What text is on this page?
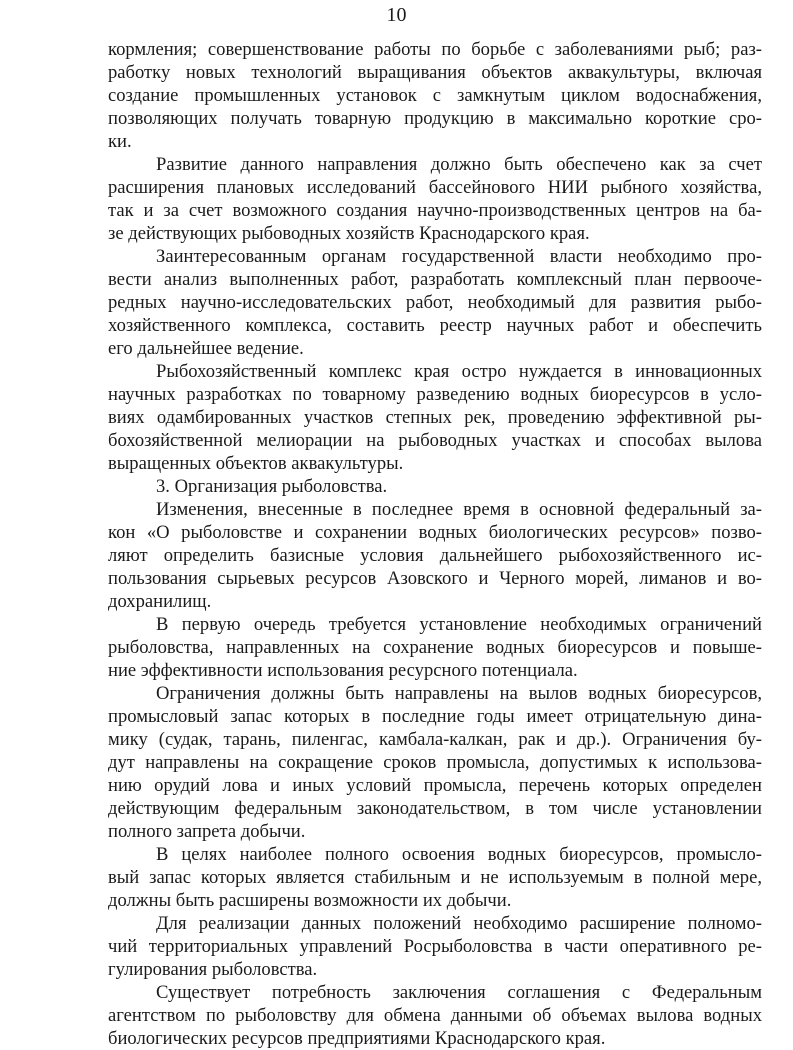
10
кормления; совершенствование работы по борьбе с заболеваниями рыб; раз-
работку новых технологий выращивания объектов аквакультуры, включая
создание промышленных установок с замкнутым циклом водоснабжения,
позволяющих получать товарную продукцию в максимально короткие сро-
ки.
Развитие данного направления должно быть обеспечено как за счет
расширения плановых исследований бассейнового НИИ рыбного хозяйства,
так и за счет возможного создания научно-производственных центров на ба-
зе действующих рыбоводных хозяйств Краснодарского края.
Заинтересованным органам государственной власти необходимо про-
вести анализ выполненных работ, разработать комплексный план первооче-
редных научно-исследовательских работ, необходимый для развития рыбо-
хозяйственного комплекса, составить реестр научных работ и обеспечить
его дальнейшее ведение.
Рыбохозяйственный комплекс края остро нуждается в инновационных
научных разработках по товарному разведению водных биоресурсов в усло-
виях одамбированных участков степных рек, проведению эффективной ры-
бохозяйственной мелиорации на рыбоводных участках и способах вылова
выращенных объектов аквакультуры.
3. Организация рыболовства.
Изменения, внесенные в последнее время в основной федеральный за-
кон «О рыболовстве и сохранении водных биологических ресурсов» позво-
ляют определить базисные условия дальнейшего рыбохозяйственного ис-
пользования сырьевых ресурсов Азовского и Черного морей, лиманов и во-
дохранилищ.
В первую очередь требуется установление необходимых ограничений
рыболовства, направленных на сохранение водных биоресурсов и повыше-
ние эффективности использования ресурсного потенциала.
Ограничения должны быть направлены на вылов водных биоресурсов,
промысловый запас которых в последние годы имеет отрицательную дина-
мику (судак, тарань, пиленгас, камбала-калкан, рак и др.). Ограничения бу-
дут направлены на сокращение сроков промысла, допустимых к использова-
нию орудий лова и иных условий промысла, перечень которых определен
действующим федеральным законодательством, в том числе установлении
полного запрета добычи.
В целях наиболее полного освоения водных биоресурсов, промысло-
вый запас которых является стабильным и не используемым в полной мере,
должны быть расширены возможности их добычи.
Для реализации данных положений необходимо расширение полномо-
чий территориальных управлений Росрыболовства в части оперативного ре-
гулирования рыболовства.
Существует потребность заключения соглашения с Федеральным
агентством по рыболовству для обмена данными об объемах вылова водных
биологических ресурсов предприятиями Краснодарского края.
